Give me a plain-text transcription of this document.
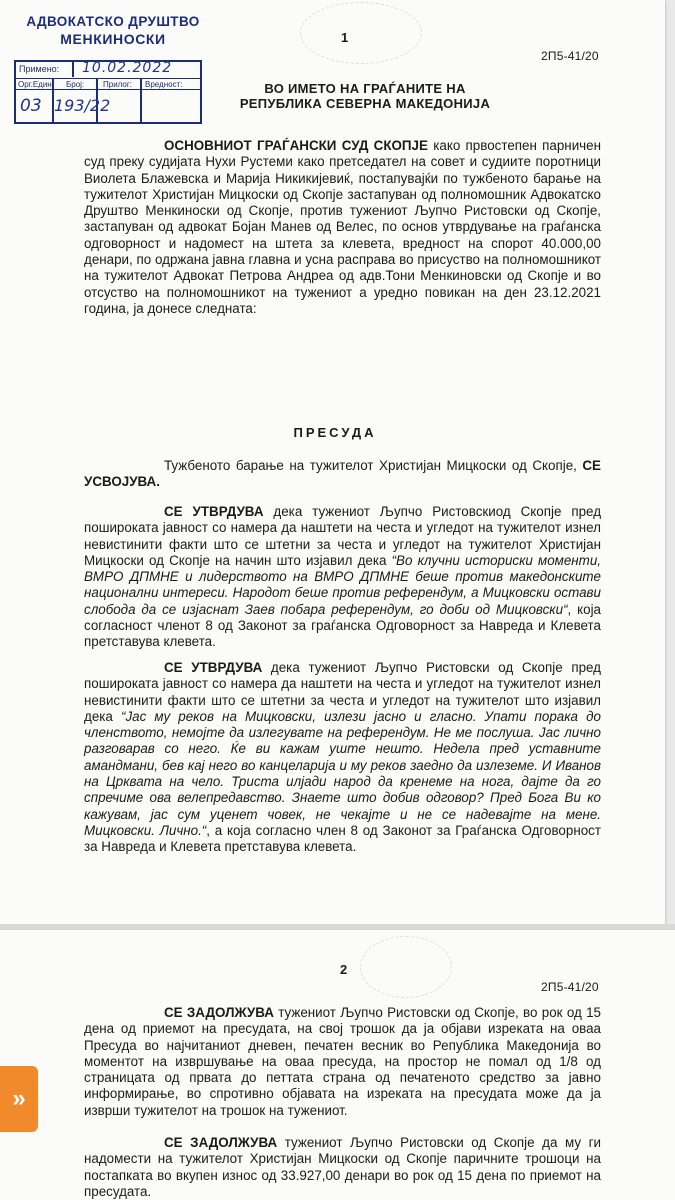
АДВОКАТСКО ДРУШТВО
МЕНКИНОСКИ
Примено:
Орг.Един. Број: Прилог: Вредност:
10.02.2022
03 193/22
1
2П5-41/20
ВО ИМЕТО НА ГРАЃАНИТЕ НА
РЕПУБЛИКА СЕВЕРНА МАКЕДОНИЈА
ОСНОВНИОТ ГРАЃАНСКИ СУД СКОПЈЕ како првостепен парничен суд преку судијата Нухи Рустеми како претседател на совет и судиите поротници Виолета Блажевска и Марија Никикијевиќ, постапувајќи по тужбеното барање на тужителот Христијан Мицкоски од Скопје застапуван од полномошник Адвокатско Друштво Менкиноски од Скопје, против тужениот Љупчо Ристовски од Скопје, застапуван од адвокат Бојан Манев од Велес, по основ утврдување на граѓанска одговорност и надомест на штета за клевета, вредност на спорот 40.000,00 денари, по одржана јавна главна и усна расправа во присуство на полномошникот на тужителот Адвокат Петрова Андреа од адв.Тони Менкиновски од Скопје и во отсуство на полномошникот на тужениот а уредно повикан на ден 23.12.2021 година, ја донесе следната:
ПРЕСУДА
Тужбеното барање на тужителот Христијан Мицкоски од Скопје, СЕ УСВОЈУВА.
СЕ УТВРДУВА дека тужениот Љупчо Ристовскиод Скопје пред пошироката јавност со намера да наштети на честа и угледот на тужителот изнел невистинити факти што се штетни за честа и угледот на тужителот Христијан Мицкоски од Скопје на начин што изјавил дека “Во клучни историски моменти, ВМРО ДПМНЕ и лидерството на ВМРО ДПМНЕ беше против македонските национални интереси. Народот беше против референдум, а Мицковски остави слобода да се изјаснат Заев побара референдум, го доби од Мицковски“, која согласност членот 8 од Законот за граѓанска Одговорност за Навреда и Клевета претставува клевета.
СЕ УТВРДУВА дека тужениот Љупчо Ристовски од Скопје пред пошироката јавност со намера да наштети на честа и угледот на тужителот изнел невистинити факти што се штетни за честа и угледот на тужителот што изјавил дека “Јас му реков на Мицковски, излези јасно и гласно. Упати порака до членството, немојте да излегувате на референдум. Не ме послуша. Јас лично разговарав со него. Ќе ви кажам уште нешто. Недела пред уставните амандмани, бев кај него во канцеларија и му реков заедно да излеземе. И Иванов на Црквата на чело. Триста илјади народ да кренеме на нога, дајте да го спречиме ова велепредавство. Знаете што добив одговор? Пред Бога Ви ко кажувам, јас сум уценет човек, не чекајте и не се надевајте на мене. Мицковски. Лично.“, а која согласно член 8 од Законот за Граѓанска Одговорност за Навреда и Клевета претставува клевета.
2
2П5-41/20
СЕ ЗАДОЛЖУВА тужениот Љупчо Ристовски од Скопје, во рок од 15 дена од приемот на пресудата, на свој трошок да ја објави изреката на оваа Пресуда во најчитаниот дневен, печатен весник во Република Македонија во моментот на извршување на оваа пресуда, на простор не помал од 1/8 од страницата од првата до петтата страна од печатеното средство за јавно информирање, во спротивно објавата на изреката на пресудата може да ја изврши тужителот на трошок на тужениот.
СЕ ЗАДОЛЖУВА тужениот Љупчо Ристовски од Скопје да му ги надомести на тужителот Христијан Мицкоски од Скопје паричните трошоци на постапката во вкупен износ од 33.927,00 денари во рок од 15 дена по приемот на пресудата.
»
